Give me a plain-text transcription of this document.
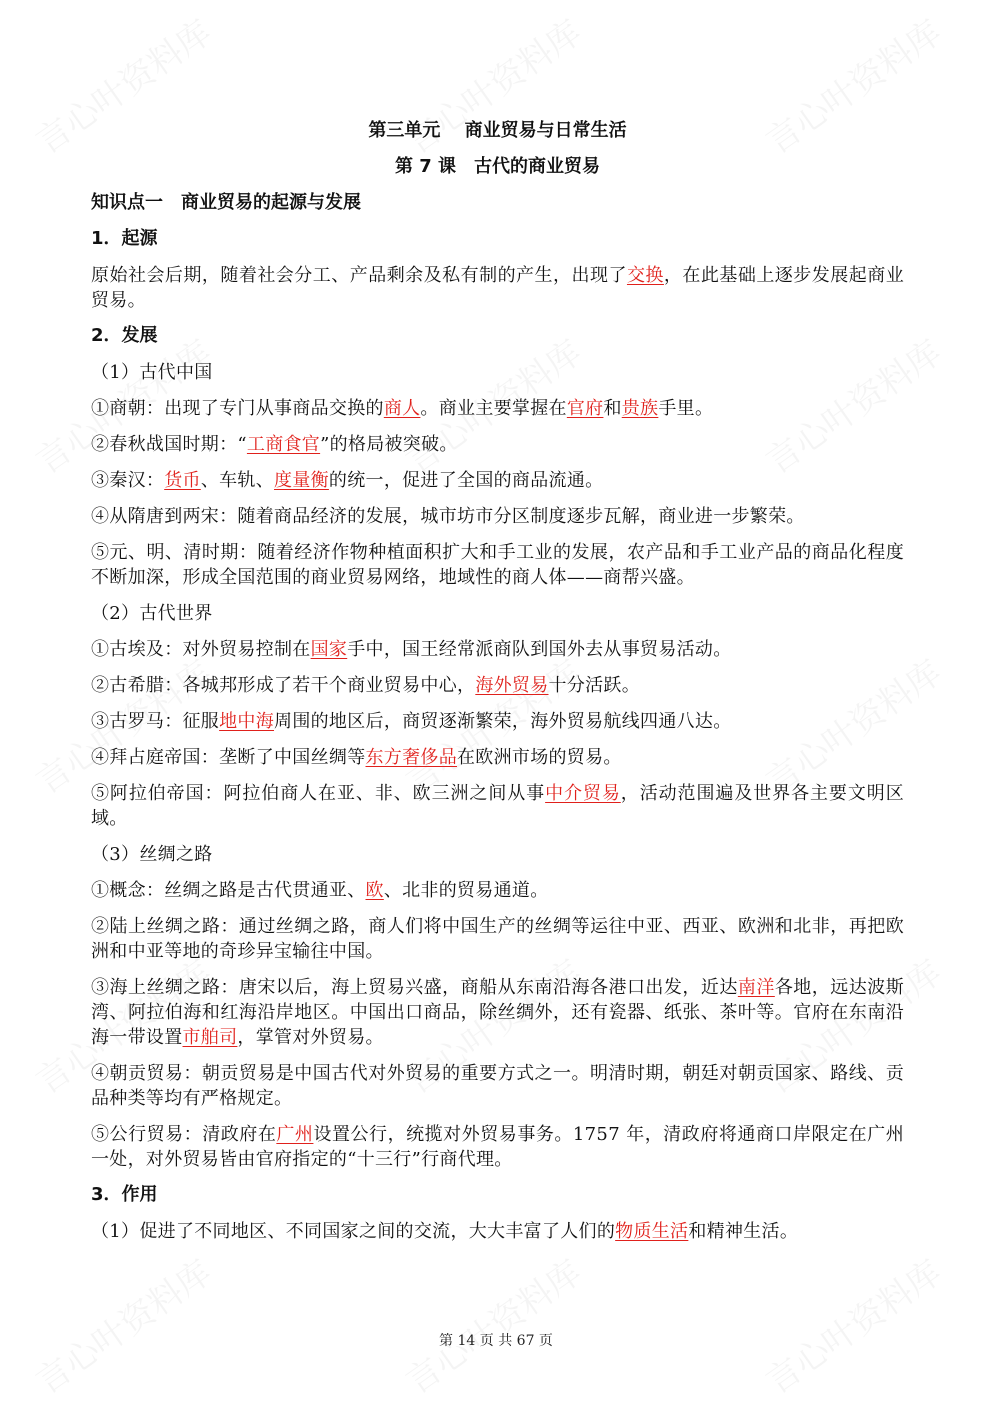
第三单元　 商业贸易与日常生活
第 7 课　古代的商业贸易
知识点一　商业贸易的起源与发展
1．起源
原始社会后期，随着社会分工、产品剩余及私有制的产生，出现了交换，在此基础上逐步发展起商业贸易。
2．发展
（1）古代中国
①商朝：出现了专门从事商品交换的商人。商业主要掌握在官府和贵族手里。
②春秋战国时期：“工商食官”的格局被突破。
③秦汉：货币、车轨、度量衡的统一，促进了全国的商品流通。
④从隋唐到两宋：随着商品经济的发展，城市坊市分区制度逐步瓦解，商业进一步繁荣。
⑤元、明、清时期：随着经济作物种植面积扩大和手工业的发展，农产品和手工业产品的商品化程度不断加深，形成全国范围的商业贸易网络，地域性的商人体——商帮兴盛。
（2）古代世界
①古埃及：对外贸易控制在国家手中，国王经常派商队到国外去从事贸易活动。
②古希腊：各城邦形成了若干个商业贸易中心，海外贸易十分活跃。
③古罗马：征服地中海周围的地区后，商贸逐渐繁荣，海外贸易航线四通八达。
④拜占庭帝国：垄断了中国丝绸等东方奢侈品在欧洲市场的贸易。
⑤阿拉伯帝国：阿拉伯商人在亚、非、欧三洲之间从事中介贸易，活动范围遍及世界各主要文明区域。
（3）丝绸之路
①概念：丝绸之路是古代贯通亚、欧、北非的贸易通道。
②陆上丝绸之路：通过丝绸之路，商人们将中国生产的丝绸等运往中亚、西亚、欧洲和北非，再把欧洲和中亚等地的奇珍异宝输往中国。
③海上丝绸之路：唐宋以后，海上贸易兴盛，商船从东南沿海各港口出发，近达南洋各地，远达波斯湾、阿拉伯海和红海沿岸地区。中国出口商品，除丝绸外，还有瓷器、纸张、茶叶等。官府在东南沿海一带设置市舶司，掌管对外贸易。
④朝贡贸易：朝贡贸易是中国古代对外贸易的重要方式之一。明清时期，朝廷对朝贡国家、路线、贡品种类等均有严格规定。
⑤公行贸易：清政府在广州设置公行，统揽对外贸易事务。1757 年，清政府将通商口岸限定在广州一处，对外贸易皆由官府指定的“十三行”行商代理。
3．作用
（1）促进了不同地区、不同国家之间的交流，大大丰富了人们的物质生活和精神生活。
第 14 页 共 67 页
